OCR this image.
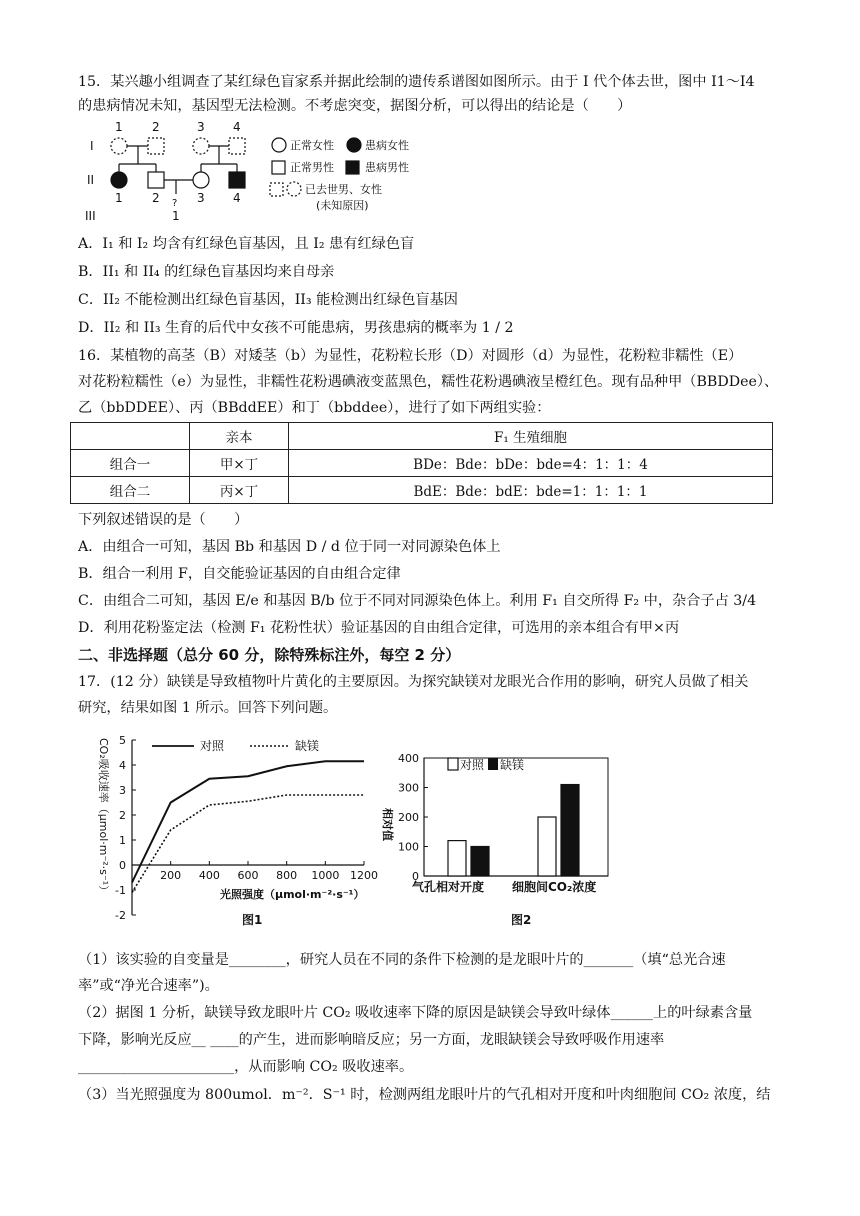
15．某兴趣小组调查了某红绿色盲家系并据此绘制的遗传系谱图如图所示。由于 I 代个体去世，图中 I1～I4
的患病情况未知，基因型无法检测。不考虑突变，据图分析，可以得出的结论是（　　）
I
II
III
1 2	3 4
1 2	3 4
?
1
正常女性	患病女性
正常男性	患病男性
已去世男、女性
(未知原因)
A．I₁ 和 I₂ 均含有红绿色盲基因，且 I₂ 患有红绿色盲
B．II₁ 和 II₄ 的红绿色盲基因均来自母亲
C．II₂ 不能检测出红绿色盲基因，II₃ 能检测出红绿色盲基因
D．II₂ 和 II₃ 生育的后代中女孩不可能患病，男孩患病的概率为 1 / 2
16．某植物的高茎（B）对矮茎（b）为显性，花粉粒长形（D）对圆形（d）为显性，花粉粒非糯性（E）
对花粉粒糯性（e）为显性，非糯性花粉遇碘液变蓝黑色，糯性花粉遇碘液呈橙红色。现有品种甲（BBDDee）、
乙（bbDDEE）、丙（BBddEE）和丁（bbddee），进行了如下两组实验：
	亲本	F₁ 生殖细胞
组合一	甲×丁	BDe：Bde：bDe：bde=4：1：1：4
组合二	丙×丁	BdE：Bde：bdE：bde=1：1：1：1
下列叙述错误的是（　　）
A．由组合一可知，基因 Bb 和基因 D / d 位于同一对同源染色体上
B．组合一利用 F，自交能验证基因的自由组合定律
C．由组合二可知，基因 E/e 和基因 B/b 位于不同对同源染色体上。利用 F₁ 自交所得 F₂ 中，杂合子占 3/4
D．利用花粉鉴定法（检测 F₁ 花粉性状）验证基因的自由组合定律，可选用的亲本组合有甲×丙
二、非选择题（总分 60 分，除特殊标注外，每空 2 分）
17．(12 分）缺镁是导致植物叶片黄化的主要原因。为探究缺镁对龙眼光合作用的影响，研究人员做了相关
研究，结果如图 1 所示。回答下列问题。
-2
-1
0
1
2
3
4
5
200 400 600 800 1000 1200
CO₂吸收速率（μmol·m⁻²·s⁻¹）	光照强度（μmol·m⁻²·s⁻¹）
图1
对照	缺镁
0
100
200
300
400
相对值
气孔相对开度 细胞间CO₂浓度
图2
对照 缺镁
（1）该实验的自变量是________，研究人员在不同的条件下检测的是龙眼叶片的_______（填“总光合速
率”或“净光合速率”)。
（2）据图 1 分析，缺镁导致龙眼叶片 CO₂ 吸收速率下降的原因是缺镁会导致叶绿体______上的叶绿素含量
下降，影响光反应__ ____的产生，进而影响暗反应；另一方面，龙眼缺镁会导致呼吸作用速率
______________________，从而影响 CO₂ 吸收速率。
（3）当光照强度为 800umol．m⁻²．S⁻¹ 时，检测两组龙眼叶片的气孔相对开度和叶肉细胞间 CO₂ 浓度，结
